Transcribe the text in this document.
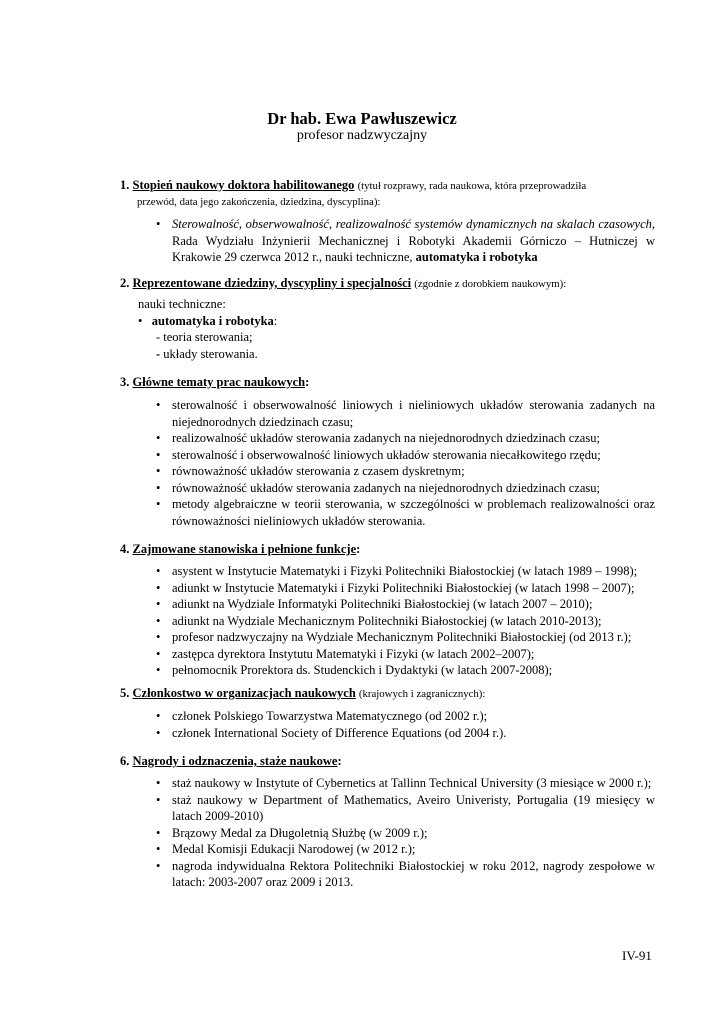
Dr hab. Ewa Pawłuszewicz
profesor nadzwyczajny
1. Stopień naukowy doktora habilitowanego (tytuł rozprawy, rada naukowa, która przeprowadziła
przewód, data jego zakończenia, dziedzina, dyscyplina):
• Sterowalność, obserwowalność, realizowalność systemów dynamicznych na skalach czasowych, Rada Wydziału Inżynierii Mechanicznej i Robotyki Akademii Górniczo – Hutniczej w Krakowie 29 czerwca 2012 r., nauki techniczne, automatyka i robotyka
2. Reprezentowane dziedziny, dyscypliny i specjalności (zgodnie z dorobkiem naukowym):
nauki techniczne:
• automatyka i robotyka:
- teoria sterowania;
- układy sterowania.
3. Główne tematy prac naukowych:
• sterowalność i obserwowalność liniowych i nieliniowych układów sterowania zadanych na niejednorodnych dziedzinach czasu;
• realizowalność układów sterowania zadanych na niejednorodnych dziedzinach czasu;
• sterowalność i obserwowalność liniowych układów sterowania niecałkowitego rzędu;
• równoważność układów sterowania z czasem dyskretnym;
• równoważność układów sterowania zadanych na niejednorodnych dziedzinach czasu;
• metody algebraiczne w teorii sterowania, w szczególności w problemach realizowalności oraz równoważności nieliniowych układów sterowania.
4. Zajmowane stanowiska i pełnione funkcje:
• asystent w Instytucie Matematyki i Fizyki Politechniki Białostockiej (w latach 1989 – 1998);
• adiunkt w Instytucie Matematyki i Fizyki Politechniki Białostockiej (w latach 1998 – 2007);
• adiunkt na Wydziale Informatyki Politechniki Białostockiej (w latach 2007 – 2010);
• adiunkt na Wydziale Mechanicznym Politechniki Białostockiej (w latach 2010-2013);
• profesor nadzwyczajny na Wydziale Mechanicznym Politechniki Białostockiej (od 2013 r.);
• zastępca dyrektora Instytutu Matematyki i Fizyki (w latach 2002–2007);
• pełnomocnik Prorektora ds. Studenckich i Dydaktyki (w latach 2007-2008);
5. Członkostwo w organizacjach naukowych (krajowych i zagranicznych):
• członek Polskiego Towarzystwa Matematycznego (od 2002 r.);
• członek International Society of Difference Equations (od 2004 r.).
6. Nagrody i odznaczenia, staże naukowe:
• staż naukowy w Instytute of Cybernetics at Tallinn Technical University (3 miesiące w 2000 r.);
• staż naukowy w Department of Mathematics, Aveiro Univeristy, Portugalia (19 miesięcy w latach 2009-2010)
• Brązowy Medal za Długoletnią Służbę (w 2009 r.);
• Medal Komisji Edukacji Narodowej (w 2012 r.);
• nagroda indywidualna Rektora Politechniki Białostockiej w roku 2012, nagrody zespołowe w latach: 2003-2007 oraz 2009 i 2013.
IV-91
